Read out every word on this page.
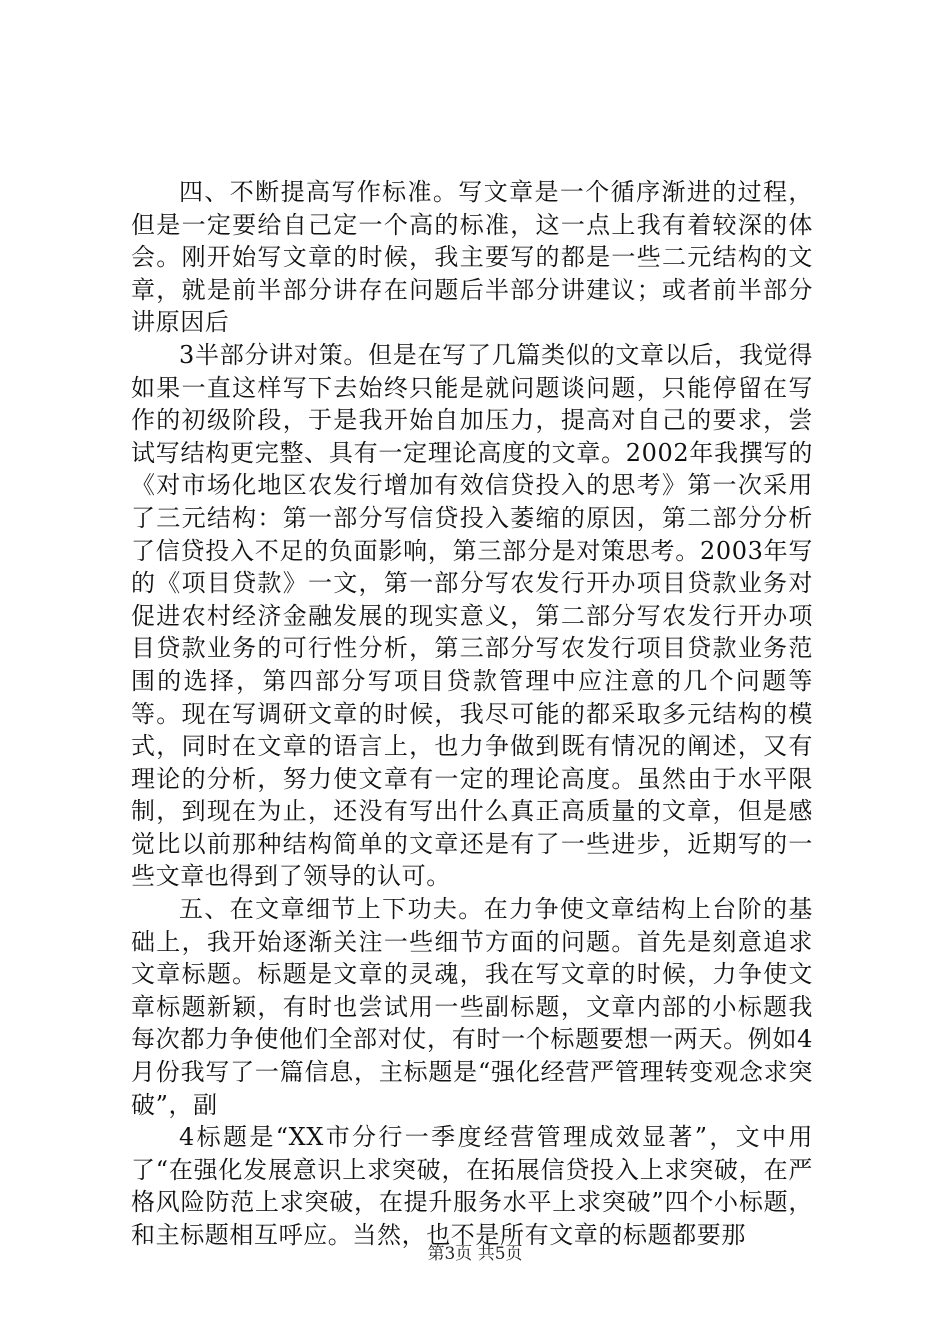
四、不断提高写作标准。写文章是一个循序渐进的过程，但是一定要给自己定一个高的标准，这一点上我有着较深的体会。刚开始写文章的时候，我主要写的都是一些二元结构的文章，就是前半部分讲存在问题后半部分讲建议；或者前半部分讲原因后

3半部分讲对策。但是在写了几篇类似的文章以后，我觉得如果一直这样写下去始终只能是就问题谈问题，只能停留在写作的初级阶段，于是我开始自加压力，提高对自己的要求，尝试写结构更完整、具有一定理论高度的文章。2002年我撰写的《对市场化地区农发行增加有效信贷投入的思考》第一次采用了三元结构：第一部分写信贷投入萎缩的原因，第二部分分析了信贷投入不足的负面影响，第三部分是对策思考。2003年写的《项目贷款》一文，第一部分写农发行开办项目贷款业务对促进农村经济金融发展的现实意义，第二部分写农发行开办项目贷款业务的可行性分析，第三部分写农发行项目贷款业务范围的选择，第四部分写项目贷款管理中应注意的几个问题等等。现在写调研文章的时候，我尽可能的都采取多元结构的模式，同时在文章的语言上，也力争做到既有情况的阐述，又有理论的分析，努力使文章有一定的理论高度。虽然由于水平限制，到现在为止，还没有写出什么真正高质量的文章，但是感觉比以前那种结构简单的文章还是有了一些进步，近期写的一些文章也得到了领导的认可。

五、在文章细节上下功夫。在力争使文章结构上台阶的基础上，我开始逐渐关注一些细节方面的问题。首先是刻意追求文章标题。标题是文章的灵魂，我在写文章的时候，力争使文章标题新颖，有时也尝试用一些副标题，文章内部的小标题我每次都力争使他们全部对仗，有时一个标题要想一两天。例如4月份我写了一篇信息，主标题是“强化经营严管理转变观念求突破”，副

4标题是“XX市分行一季度经营管理成效显著”，文中用了“在强化发展意识上求突破，在拓展信贷投入上求突破，在严格风险防范上求突破，在提升服务水平上求突破”四个小标题，和主标题相互呼应。当然，也不是所有文章的标题都要那

第3页 共5页
